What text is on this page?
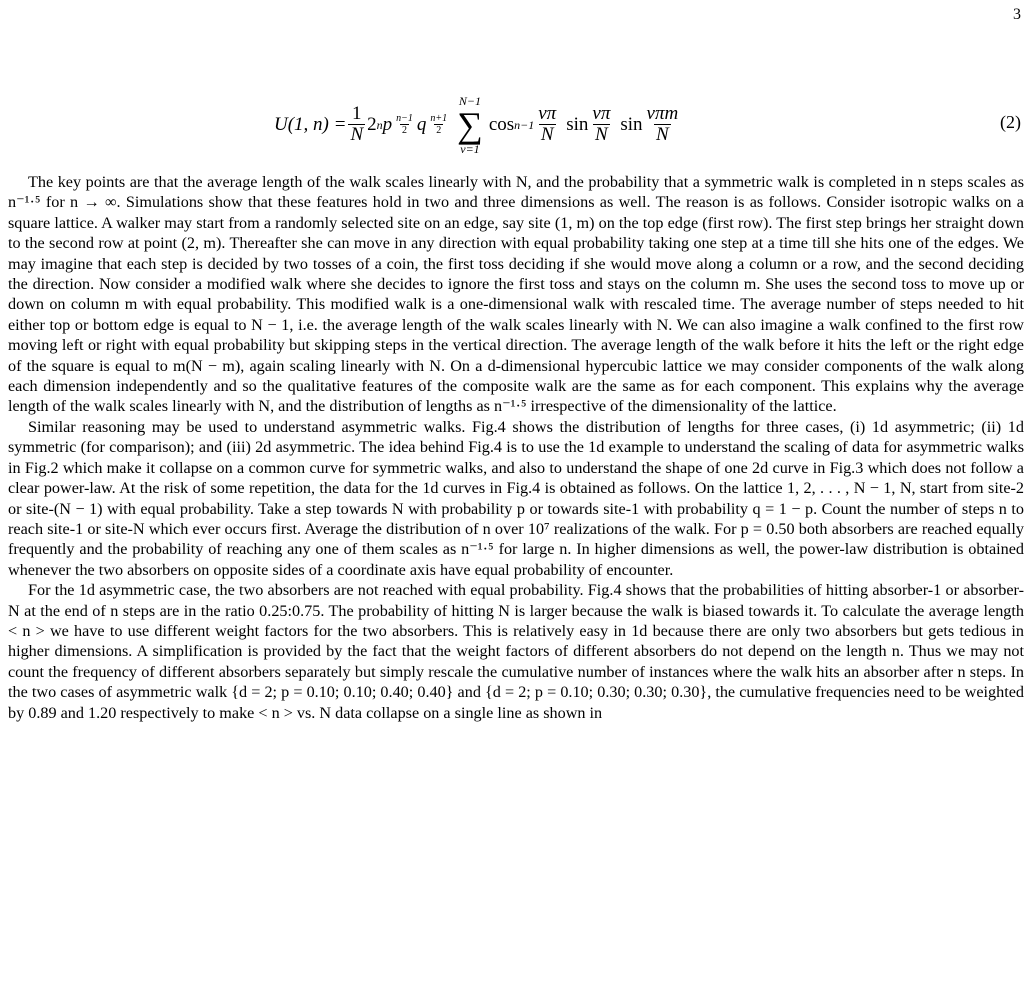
3
U(1, $n) = \frac{1}{N} 2$ n p $\frac{n-1}{2}$ q $\frac{n+1}{2}$
N−1
∑
ν=1
$\cos n-1 \frac{\nu\pi}{N}$ $\sin \frac{\nu\pi}{N}$ $\sin \frac{\text{νπm}}{N}$	(2)

The key points are that the average length of the walk scales linearly with N, and the probability that a symmetric walk is completed in n steps scales as n⁻¹·⁵ for n → ∞. Simulations show that these features hold in two and three dimensions as well. The reason is as follows. Consider isotropic walks on a square lattice. A walker may start from a randomly selected site on an edge, say site (1, m) on the top edge (first row). The first step brings her straight down to the second row at point (2, m). Thereafter she can move in any direction with equal probability taking one step at a time till she hits one of the edges. We may imagine that each step is decided by two tosses of a coin, the first toss deciding if she would move along a column or a row, and the second deciding the direction. Now consider a modified walk where she decides to ignore the first toss and stays on the column m. She uses the second toss to move up or down on column m with equal probability. This modified walk is a one-dimensional walk with rescaled time. The average number of steps needed to hit either top or bottom edge is equal to N − 1, i.e. the average length of the walk scales linearly with N. We can also imagine a walk confined to the first row moving left or right with equal probability but skipping steps in the vertical direction. The average length of the walk before it hits the left or the right edge of the square is equal to m(N − m), again scaling linearly with N. On a d-dimensional hypercubic lattice we may consider components of the walk along each dimension independently and so the qualitative features of the composite walk are the same as for each component. This explains why the average length of the walk scales linearly with N, and the distribution of lengths as n⁻¹·⁵ irrespective of the dimensionality of the lattice.

Similar reasoning may be used to understand asymmetric walks. Fig.4 shows the distribution of lengths for three cases, (i) 1d asymmetric; (ii) 1d symmetric (for comparison); and (iii) 2d asymmetric. The idea behind Fig.4 is to use the 1d example to understand the scaling of data for asymmetric walks in Fig.2 which make it collapse on a common curve for symmetric walks, and also to understand the shape of one 2d curve in Fig.3 which does not follow a clear power-law. At the risk of some repetition, the data for the 1d curves in Fig.4 is obtained as follows. On the lattice 1, 2, . . . , N − 1, N, start from site-2 or site-(N − 1) with equal probability. Take a step towards N with probability p or towards site-1 with probability q = 1 − p. Count the number of steps n to reach site-1 or site-N which ever occurs first. Average the distribution of n over 10⁷ realizations of the walk. For p = 0.50 both absorbers are reached equally frequently and the probability of reaching any one of them scales as n⁻¹·⁵ for large n. In higher dimensions as well, the power-law distribution is obtained whenever the two absorbers on opposite sides of a coordinate axis have equal probability of encounter.

For the 1d asymmetric case, the two absorbers are not reached with equal probability. Fig.4 shows that the probabilities of hitting absorber-1 or absorber-N at the end of n steps are in the ratio 0.25:0.75. The probability of hitting N is larger because the walk is biased towards it. To calculate the average length < n > we have to use different weight factors for the two absorbers. This is relatively easy in 1d because there are only two absorbers but gets tedious in higher dimensions. A simplification is provided by the fact that the weight factors of different absorbers do not depend on the length n. Thus we may not count the frequency of different absorbers separately but simply rescale the cumulative number of instances where the walk hits an absorber after n steps. In the two cases of asymmetric walk {d = 2; p = 0.10; 0.10; 0.40; 0.40} and {d = 2; p = 0.10; 0.30; 0.30; 0.30}, the cumulative frequencies need to be weighted by 0.89 and 1.20 respectively to make < n > vs. N data collapse on a single line as shown in
